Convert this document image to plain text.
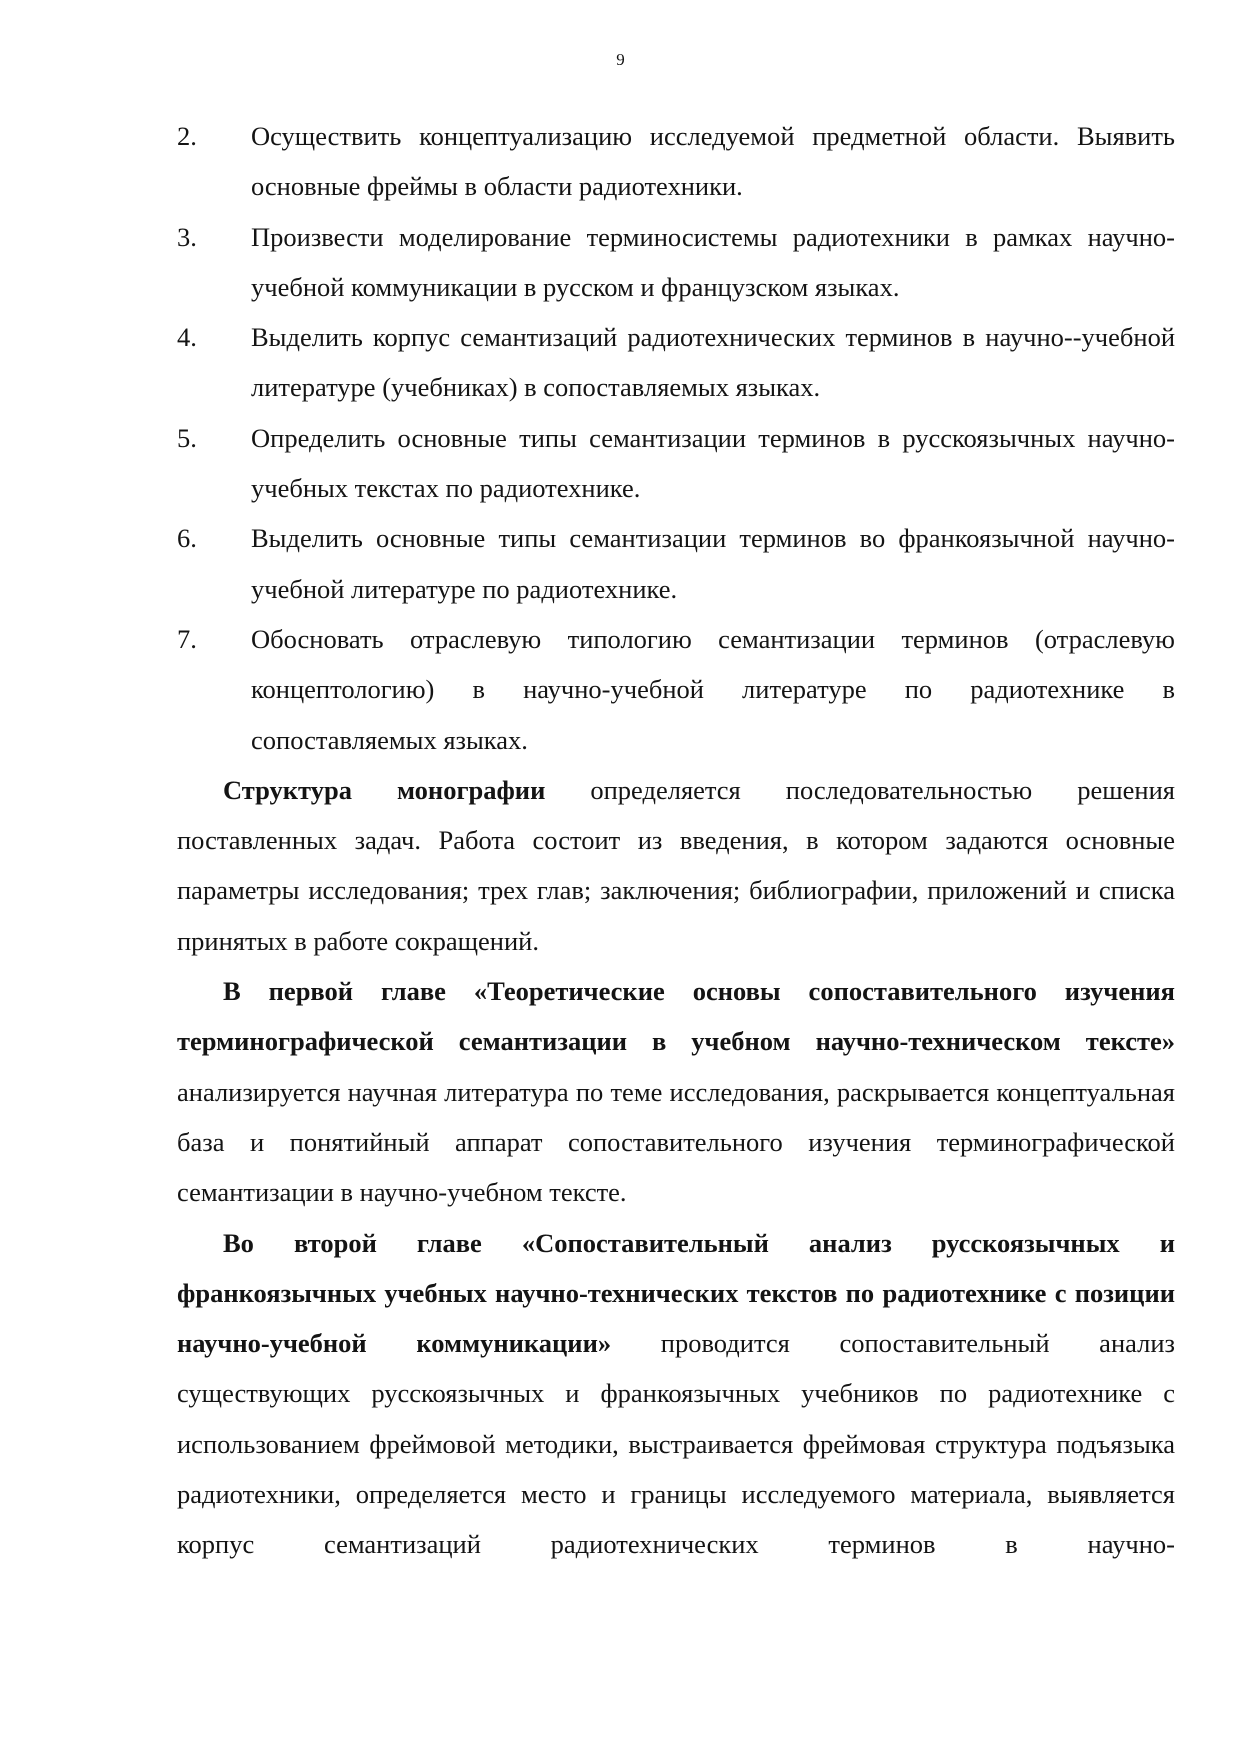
9
2. Осуществить концептуализацию исследуемой предметной области. Выявить основные фреймы в области радиотехники.
3. Произвести моделирование терминосистемы радиотехники в рамках научно-учебной коммуникации в русском и французском языках.
4. Выделить корпус семантизаций радиотехнических терминов в научно--учебной литературе (учебниках) в сопоставляемых языках.
5. Определить основные типы семантизации терминов в русскоязычных научно-учебных текстах по радиотехнике.
6. Выделить основные типы семантизации терминов во франкоязычной научно-учебной литературе по радиотехнике.
7. Обосновать отраслевую типологию семантизации терминов (отраслевую концептологию) в научно-учебной литературе по радиотехнике в сопоставляемых языках.

Структура монографии определяется последовательностью решения поставленных задач. Работа состоит из введения, в котором задаются основные параметры исследования; трех глав; заключения; библиографии, приложений и списка принятых в работе сокращений.

В первой главе «Теоретические основы сопоставительного изучения терминографической семантизации в учебном научно-техническом тексте» анализируется научная литература по теме исследования, раскрывается концептуальная база и понятийный аппарат сопоставительного изучения терминографической семантизации в научно-учебном тексте.

Во второй главе «Сопоставительный анализ русскоязычных и франкоязычных учебных научно-технических текстов по радиотехнике с позиции научно-учебной коммуникации» проводится сопоставительный анализ существующих русскоязычных и франкоязычных учебников по радиотехнике с использованием фреймовой методики, выстраивается фреймовая структура подъязыка радиотехники, определяется место и границы исследуемого материала, выявляется корпус семантизаций радиотехнических терминов в научно-
